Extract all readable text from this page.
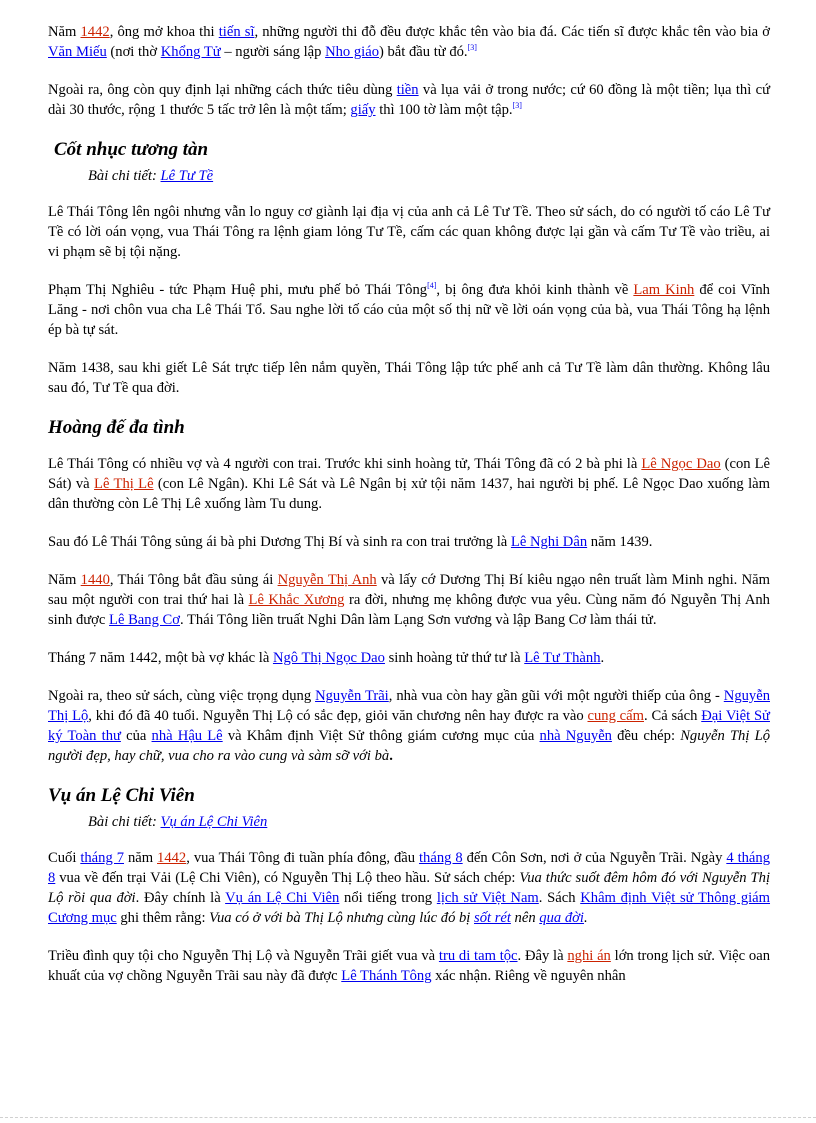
Năm 1442, ông mở khoa thi tiến sĩ, những người thi đỗ đều được khắc tên vào bia đá. Các tiến sĩ được khắc tên vào bia ở Văn Miếu (nơi thờ Khổng Tử – người sáng lập Nho giáo) bắt đầu từ đó.[3]

Ngoài ra, ông còn quy định lại những cách thức tiêu dùng tiền và lụa vải ở trong nước; cứ 60 đồng là một tiền; lụa thì cứ dài 30 thước, rộng 1 thước 5 tấc trở lên là một tấm; giấy thì 100 tờ làm một tập.[3]

Cốt nhục tương tàn
Bài chi tiết: Lê Tư Tề

Lê Thái Tông lên ngôi nhưng vẫn lo nguy cơ giành lại địa vị của anh cả Lê Tư Tề. Theo sử sách, do có người tố cáo Lê Tư Tề có lời oán vọng, vua Thái Tông ra lệnh giam lỏng Tư Tề, cấm các quan không được lại gần và cấm Tư Tề vào triều, ai vi phạm sẽ bị tội nặng.

Phạm Thị Nghiêu - tức Phạm Huệ phi, mưu phế bỏ Thái Tông[4], bị ông đưa khỏi kinh thành về Lam Kinh để coi Vĩnh Lăng - nơi chôn vua cha Lê Thái Tổ. Sau nghe lời tố cáo của một số thị nữ về lời oán vọng của bà, vua Thái Tông hạ lệnh ép bà tự sát.

Năm 1438, sau khi giết Lê Sát trực tiếp lên nắm quyền, Thái Tông lập tức phế anh cả Tư Tề làm dân thường. Không lâu sau đó, Tư Tề qua đời.

Hoàng đế đa tình

Lê Thái Tông có nhiều vợ và 4 người con trai. Trước khi sinh hoàng tử, Thái Tông đã có 2 bà phi là Lê Ngọc Dao (con Lê Sát) và Lê Thị Lê (con Lê Ngân). Khi Lê Sát và Lê Ngân bị xử tội năm 1437, hai người bị phế. Lê Ngọc Dao xuống làm dân thường còn Lê Thị Lê xuống làm Tu dung.

Sau đó Lê Thái Tông sủng ái bà phi Dương Thị Bí và sinh ra con trai trưởng là Lê Nghi Dân năm 1439.

Năm 1440, Thái Tông bắt đầu sủng ái Nguyễn Thị Anh và lấy cớ Dương Thị Bí kiêu ngạo nên truất làm Minh nghi. Năm sau một người con trai thứ hai là Lê Khắc Xương ra đời, nhưng mẹ không được vua yêu. Cùng năm đó Nguyễn Thị Anh sinh được Lê Bang Cơ. Thái Tông liền truất Nghi Dân làm Lạng Sơn vương và lập Bang Cơ làm thái tử.

Tháng 7 năm 1442, một bà vợ khác là Ngô Thị Ngọc Dao sinh hoàng tử thứ tư là Lê Tư Thành.

Ngoài ra, theo sử sách, cùng việc trọng dụng Nguyễn Trãi, nhà vua còn hay gần gũi với một người thiếp của ông - Nguyễn Thị Lộ, khi đó đã 40 tuổi. Nguyễn Thị Lộ có sắc đẹp, giỏi văn chương nên hay được ra vào cung cấm. Cả sách Đại Việt Sử ký Toàn thư của nhà Hậu Lê và Khâm định Việt Sử thông giám cương mục của nhà Nguyễn đều chép: Nguyễn Thị Lộ người đẹp, hay chữ, vua cho ra vào cung và sàm sỡ với bà.

Vụ án Lệ Chi Viên
Bài chi tiết: Vụ án Lệ Chi Viên

Cuối tháng 7 năm 1442, vua Thái Tông đi tuần phía đông, đầu tháng 8 đến Côn Sơn, nơi ở của Nguyễn Trãi. Ngày 4 tháng 8 vua về đến trại Vải (Lệ Chi Viên), có Nguyễn Thị Lộ theo hầu. Sử sách chép: Vua thức suốt đêm hôm đó với Nguyễn Thị Lộ rồi qua đời. Đây chính là Vụ án Lệ Chi Viên nổi tiếng trong lịch sử Việt Nam. Sách Khâm định Việt sử Thông giám Cương mục ghi thêm rằng: Vua có ở với bà Thị Lộ nhưng cùng lúc đó bị sốt rét nên qua đời.

Triều đình quy tội cho Nguyễn Thị Lộ và Nguyễn Trãi giết vua và tru di tam tộc. Đây là nghi án lớn trong lịch sử. Việc oan khuất của vợ chồng Nguyễn Trãi sau này đã được Lê Thánh Tông xác nhận. Riêng về nguyên nhân
